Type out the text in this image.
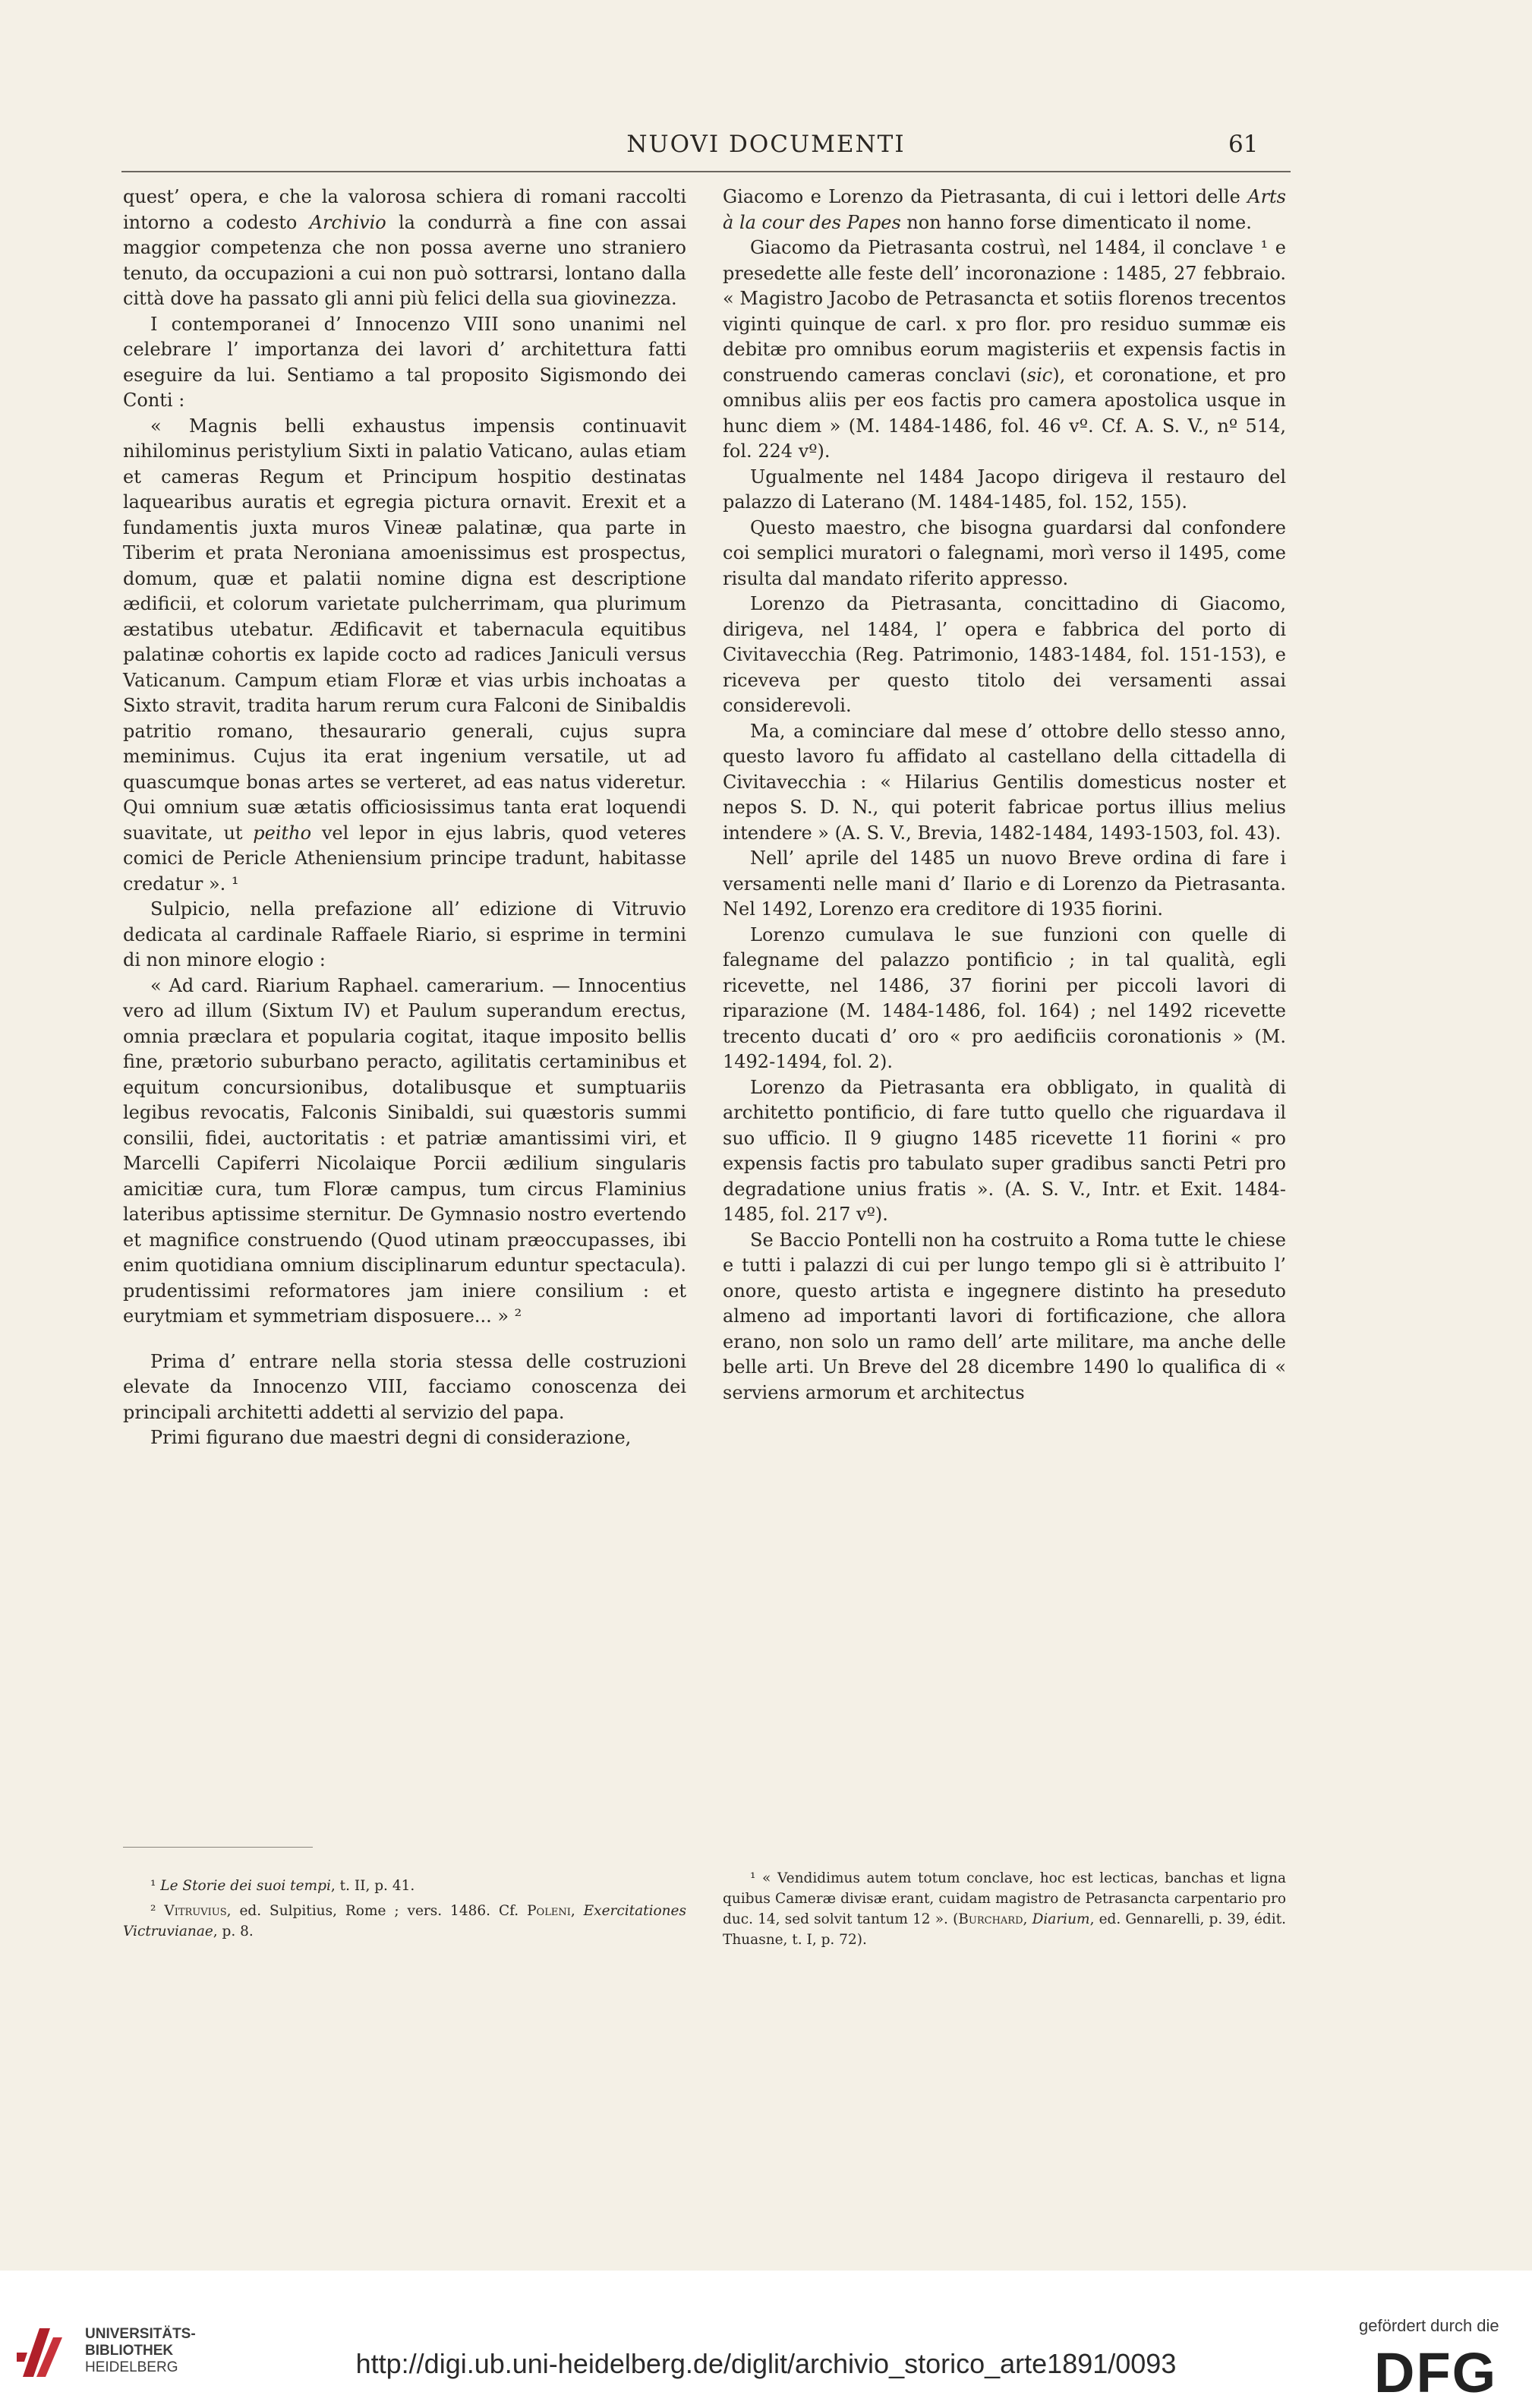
NUOVI DOCUMENTI	61

quest’ opera, e che la valorosa schiera di romani raccolti intorno a codesto Archivio la condurrà a fine con assai maggior competenza che non possa averne uno straniero tenuto, da occupazioni a cui non può sottrarsi, lontano dalla città dove ha passato gli anni più felici della sua giovinezza.

I contemporanei d’ Innocenzo VIII sono unanimi nel celebrare l’ importanza dei lavori d’ architettura fatti eseguire da lui. Sentiamo a tal proposito Sigismondo dei Conti :

« Magnis belli exhaustus impensis continuavit nihilominus peristylium Sixti in palatio Vaticano, aulas etiam et cameras Regum et Principum hospitio destinatas laquearibus auratis et egregia pictura ornavit. Erexit et a fundamentis juxta muros Vineæ palatinæ, qua parte in Tiberim et prata Neroniana amoenissimus est prospectus, domum, quæ et palatii nomine digna est descriptione ædificii, et colorum varietate pulcherrimam, qua plurimum æstatibus utebatur. Ædificavit et tabernacula equitibus palatinæ cohortis ex lapide cocto ad radices Janiculi versus Vaticanum. Campum etiam Floræ et vias urbis inchoatas a Sixto stravit, tradita harum rerum cura Falconi de Sinibaldis patritio romano, thesaurario generali, cujus supra meminimus. Cujus ita erat ingenium versatile, ut ad quascumque bonas artes se verteret, ad eas natus videretur. Qui omnium suæ ætatis officiosissimus tanta erat loquendi suavitate, ut peitho vel lepor in ejus labris, quod veteres comici de Pericle Atheniensium principe tradunt, habitasse credatur ». ¹

Sulpicio, nella prefazione all’ edizione di Vitruvio dedicata al cardinale Raffaele Riario, si esprime in termini di non minore elogio :

« Ad card. Riarium Raphael. camerarium. — Innocentius vero ad illum (Sixtum IV) et Paulum superandum erectus, omnia præclara et popularia cogitat, itaque imposito bellis fine, prætorio suburbano peracto, agilitatis certaminibus et equitum concursionibus, dotalibusque et sumptuariis legibus revocatis, Falconis Sinibaldi, sui quæstoris summi consilii, fidei, auctoritatis : et patriæ amantissimi viri, et Marcelli Capiferri Nicolaique Porcii ædilium singularis amicitiæ cura, tum Floræ campus, tum circus Flaminius lateribus aptissime sternitur. De Gymnasio nostro evertendo et magnifice construendo (Quod utinam præoccupasses, ibi enim quotidiana omnium disciplinarum eduntur spectacula). prudentissimi reformatores jam iniere consilium : et eurytmiam et symmetriam disposuere... » ²

Prima d’ entrare nella storia stessa delle costruzioni elevate da Innocenzo VIII, facciamo conoscenza dei principali architetti addetti al servizio del papa.

Primi figurano due maestri degni di considerazione,

Giacomo e Lorenzo da Pietrasanta, di cui i lettori delle Arts à la cour des Papes non hanno forse dimenticato il nome.

Giacomo da Pietrasanta costruì, nel 1484, il conclave ¹ e presedette alle feste dell’ incoronazione : 1485, 27 febbraio. « Magistro Jacobo de Petrasancta et sotiis florenos trecentos viginti quinque de carl. x pro flor. pro residuo summæ eis debitæ pro omnibus eorum magisteriis et expensis factis in construendo cameras conclavi (sic), et coronatione, et pro omnibus aliis per eos factis pro camera apostolica usque in hunc diem » (M. 1484-1486, fol. 46 vº. Cf. A. S. V., nº 514, fol. 224 vº).

Ugualmente nel 1484 Jacopo dirigeva il restauro del palazzo di Laterano (M. 1484-1485, fol. 152, 155).

Questo maestro, che bisogna guardarsi dal confondere coi semplici muratori o falegnami, morì verso il 1495, come risulta dal mandato riferito appresso.

Lorenzo da Pietrasanta, concittadino di Giacomo, dirigeva, nel 1484, l’ opera e fabbrica del porto di Civitavecchia (Reg. Patrimonio, 1483-1484, fol. 151-153), e riceveva per questo titolo dei versamenti assai considerevoli.

Ma, a cominciare dal mese d’ ottobre dello stesso anno, questo lavoro fu affidato al castellano della cittadella di Civitavecchia : « Hilarius Gentilis domesticus noster et nepos S. D. N., qui poterit fabricae portus illius melius intendere » (A. S. V., Brevia, 1482-1484, 1493-1503, fol. 43).

Nell’ aprile del 1485 un nuovo Breve ordina di fare i versamenti nelle mani d’ Ilario e di Lorenzo da Pietrasanta. Nel 1492, Lorenzo era creditore di 1935 fiorini.

Lorenzo cumulava le sue funzioni con quelle di falegname del palazzo pontificio ; in tal qualità, egli ricevette, nel 1486, 37 fiorini per piccoli lavori di riparazione (M. 1484-1486, fol. 164) ; nel 1492 ricevette trecento ducati d’ oro « pro aedificiis coronationis » (M. 1492-1494, fol. 2).

Lorenzo da Pietrasanta era obbligato, in qualità di architetto pontificio, di fare tutto quello che riguardava il suo ufficio. Il 9 giugno 1485 ricevette 11 fiorini « pro expensis factis pro tabulato super gradibus sancti Petri pro degradatione unius fratis ». (A. S. V., Intr. et Exit. 1484-1485, fol. 217 vº).

Se Baccio Pontelli non ha costruito a Roma tutte le chiese e tutti i palazzi di cui per lungo tempo gli si è attribuito l’ onore, questo artista e ingegnere distinto ha preseduto almeno ad importanti lavori di fortificazione, che allora erano, non solo un ramo dell’ arte militare, ma anche delle belle arti. Un Breve del 28 dicembre 1490 lo qualifica di « serviens armorum et architectus

¹ Le Storie dei suoi tempi, t. II, p. 41.

² Vitruvius, ed. Sulpitius, Rome ; vers. 1486. Cf. Poleni, Exercitationes Victruvianae, p. 8.

¹ « Vendidimus autem totum conclave, hoc est lecticas, banchas et ligna quibus Cameræ divisæ erant, cuidam magistro de Petrasancta carpentario pro duc. 14, sed solvit tantum 12 ». (Burchard, Diarium, ed. Gennarelli, p. 39, édit. Thuasne, t. I, p. 72).

UNIVERSITÄTS-
BIBLIOTHEK
HEIDELBERG	http://digi.ub.uni-heidelberg.de/diglit/archivio_storico_arte1891/0093
gefördert durch die
DFG
